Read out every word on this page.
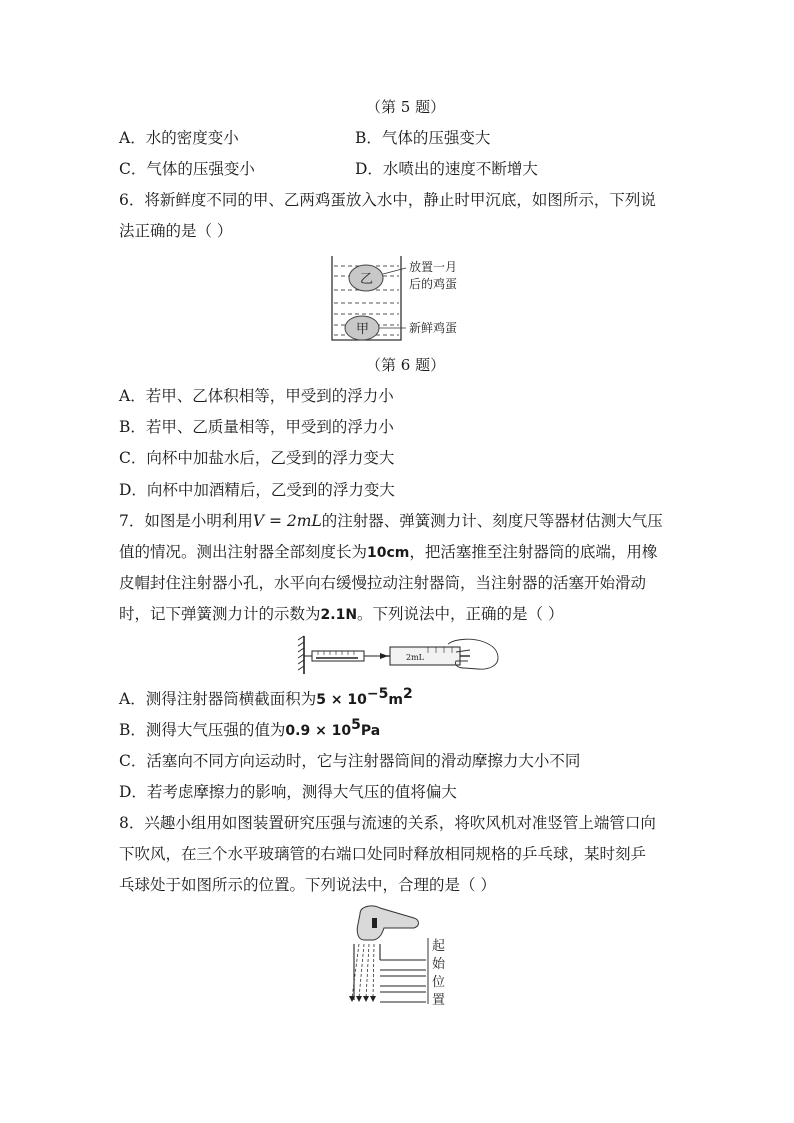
（第 5 题）
A．水的密度变小	B．气体的压强变大
C．气体的压强变小	D．水喷出的速度不断增大
6．将新鲜度不同的甲、乙两鸡蛋放入水中，静止时甲沉底，如图所示，下列说
法正确的是（ ）
乙
甲
放置一月
后的鸡蛋
新鲜鸡蛋
（第 6 题）
A．若甲、乙体积相等，甲受到的浮力小
B．若甲、乙质量相等，甲受到的浮力小
C．向杯中加盐水后，乙受到的浮力变大
D．向杯中加酒精后，乙受到的浮力变大
7．如图是小明利用V = 2mL的注射器、弹簧测力计、刻度尺等器材估测大气压
值的情况。测出注射器全部刻度长为10cm，把活塞推至注射器筒的底端，用橡
皮帽封住注射器小孔，水平向右缓慢拉动注射器筒，当注射器的活塞开始滑动
时，记下弹簧测力计的示数为2.1N。下列说法中，正确的是（ ）
2mL
A．测得注射器筒横截面积为$5 \times 10^{-5}m^2$
B．测得大气压强的值为$0.9 \times 10^5Pa$
C．活塞向不同方向运动时，它与注射器筒间的滑动摩擦力大小不同
D．若考虑摩擦力的影响，测得大气压的值将偏大
8．兴趣小组用如图装置研究压强与流速的关系，将吹风机对准竖管上端管口向
下吹风，在三个水平玻璃管的右端口处同时释放相同规格的乒乓球，某时刻乒
乓球处于如图所示的位置。下列说法中，合理的是（ ）
起
始
位
置
